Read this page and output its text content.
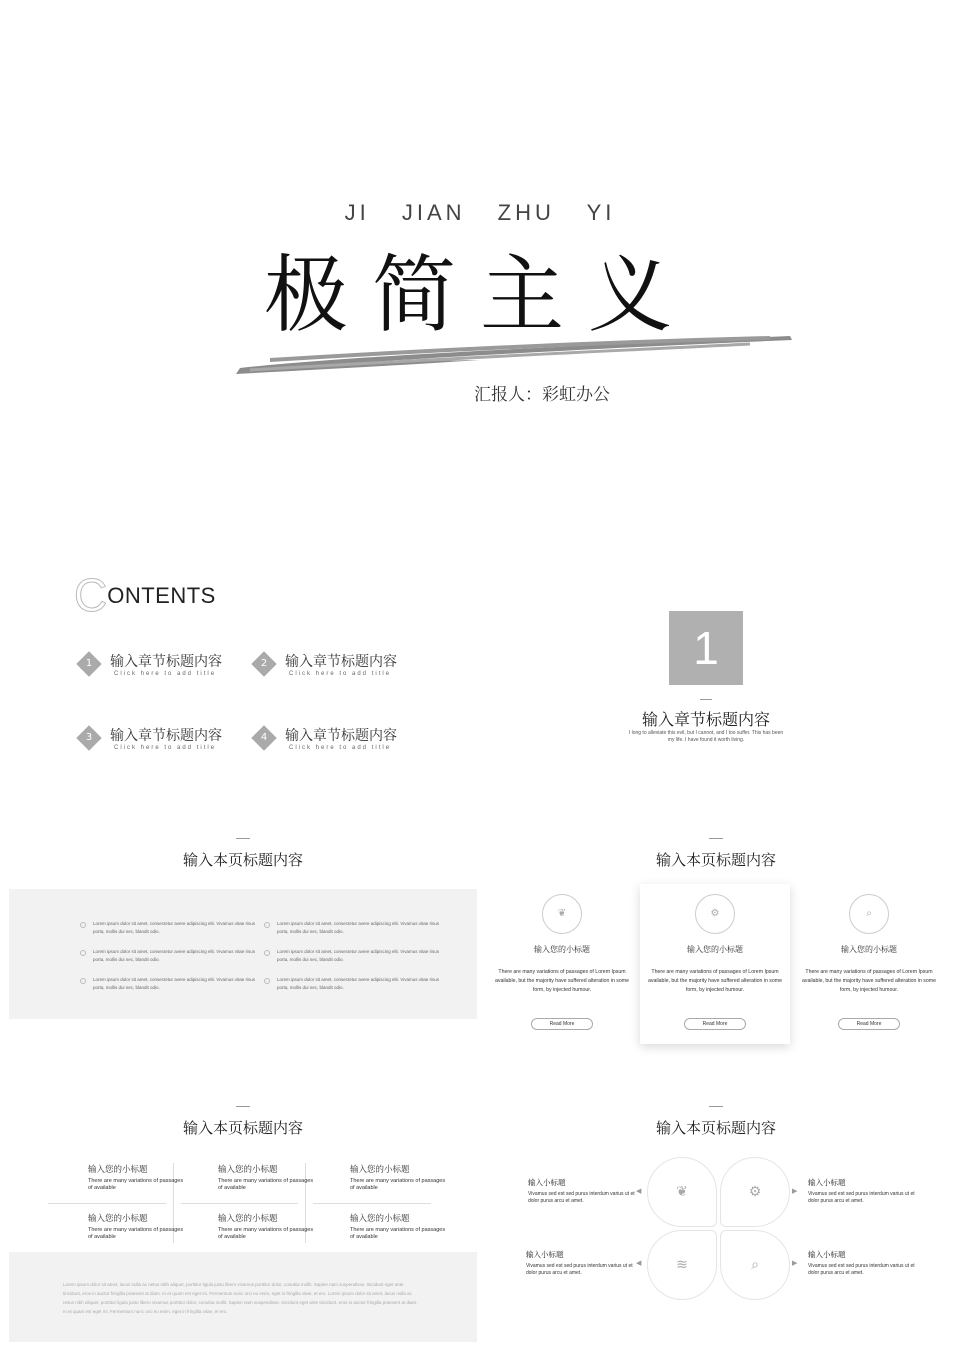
JI JIAN ZHU YI
极简主义
汇报人：彩虹办公
CONTENTS
1	输入章节标题内容
Click here to add title
2	输入章节标题内容
Click here to add title
3	输入章节标题内容
Click here to add title
4	输入章节标题内容
Click here to add title
1
输入章节标题内容
I long to alleviate this evil, but I cannot, and I too suffer. This has been my life. I have found it worth living.
输入本页标题内容
Lorem ipsum dolor sit amet, consectetur avere adipiscing elit. Vivamus vitae risus porta, mollis dui nec, blandit odio.
Lorem ipsum dolor sit amet, consectetur avere adipiscing elit. Vivamus vitae risus porta, mollis dui nec, blandit odio.
Lorem ipsum dolor sit amet, consectetur avere adipiscing elit. Vivamus vitae risus porta, mollis dui nec, blandit odio.
Lorem ipsum dolor sit amet, consectetur avere adipiscing elit. Vivamus vitae risus porta, mollis dui nec, blandit odio.
Lorem ipsum dolor sit amet, consectetur avere adipiscing elit. Vivamus vitae risus porta, mollis dui nec, blandit odio.
Lorem ipsum dolor sit amet, consectetur avere adipiscing elit. Vivamus vitae risus porta, mollis dui nec, blandit odio.
输入本页标题内容
❦
输入您的小标题
There are many variations of passages of Lorem Ipsum available, but the majority have suffered alteration in some form, by injected humour.
Read More
⚙
输入您的小标题
There are many variations of passages of Lorem Ipsum available, but the majority have suffered alteration in some form, by injected humour.
Read More
⌕
输入您的小标题
There are many variations of passages of Lorem Ipsum available, but the majority have suffered alteration in some form, by injected humour.
Read More
输入本页标题内容
输入您的小标题
There are many variations of passages of available
输入您的小标题
There are many variations of passages of available
输入您的小标题
There are many variations of passages of available
输入您的小标题
There are many variations of passages of available
输入您的小标题
There are many variations of passages of available
输入您的小标题
There are many variations of passages of available
Lorem ipsum dolor sit amet, lacus nulla ac netus nibh aliquet, porttitor ligula justo libero vivamus porttitor dolor, conubia mollit. Sapien nam suspendisse, tincidunt eget ante tincidunt, eros in auctor fringilla praesent at diam. In et quam est eget mi. Fermentum nunc orci eu enim, eget in fringilla vitae, et ero. Lorem ipsum dolor sit amet, lacus nulla ac netus nibh aliquet, porttitor ligula justo libero vivamus porttitor dolor, conubia mollit. Sapien nam suspendisse, tincidunt eget ante tincidunt, eros in auctor fringilla praesent at diam. In et quam est eget mi. Fermentum nunc orci eu enim, eget in fringilla vitae, et ero.
输入本页标题内容
❦	⚙
≋	⌕
输入小标题
Vivamus sed est sed purus interdum varius ut et dolor purus arcu et amet.
输入小标题
Vivamus sed est sed purus interdum varius ut et dolor purus arcu et amet.
输入小标题
Vivamus sed est sed purus interdum varius ut et dolor purus arcu et amet.
输入小标题
Vivamus sed est sed purus interdum varius ut et dolor purus arcu et amet.
◀	▶
◀	▶
